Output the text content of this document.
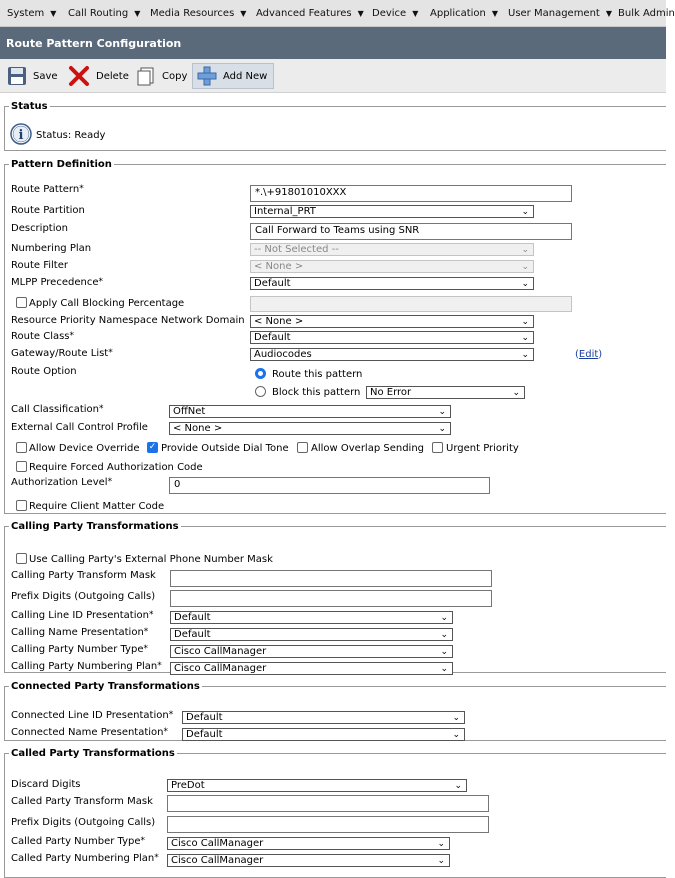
System ▼ Call Routing ▼ Media Resources ▼ Advanced Features ▼ Device ▼ Application ▼ User Management ▼ Bulk Admin
Route Pattern Configuration
Save	Delete	Copy	Add New
Status
i Status: Ready
Pattern Definition
Route Pattern*	*.\+91801010XXX
Route Partition	Internal_PRT	⌄
Description	Call Forward to Teams using SNR
Numbering Plan	-- Not Selected --	⌄
Route Filter	< None >	⌄
MLPP Precedence*	Default	⌄
Apply Call Blocking Percentage
Resource Priority Namespace Network Domain < None >	⌄
Route Class*	Default	⌄
Gateway/Route List*	Audiocodes	⌄	(Edit)
Route Option	Route this pattern
Block this pattern No Error	⌄
Call Classification*	OffNet	⌄
External Call Control Profile	< None >	⌄
Allow Device Override ✓ Provide Outside Dial Tone Allow Overlap Sending Urgent Priority
Require Forced Authorization Code
Authorization Level*	0
Require Client Matter Code
Calling Party Transformations
Use Calling Party's External Phone Number Mask
Calling Party Transform Mask
Prefix Digits (Outgoing Calls)
Calling Line ID Presentation*	Default	⌄
Calling Name Presentation*	Default	⌄
Calling Party Number Type*	Cisco CallManager	⌄
Calling Party Numbering Plan*	Cisco CallManager	⌄
Connected Party Transformations
Connected Line ID Presentation*	Default	⌄
Connected Name Presentation*	Default	⌄
Called Party Transformations
Discard Digits	PreDot	⌄
Called Party Transform Mask
Prefix Digits (Outgoing Calls)
Called Party Number Type*	Cisco CallManager	⌄
Called Party Numbering Plan*	Cisco CallManager	⌄
